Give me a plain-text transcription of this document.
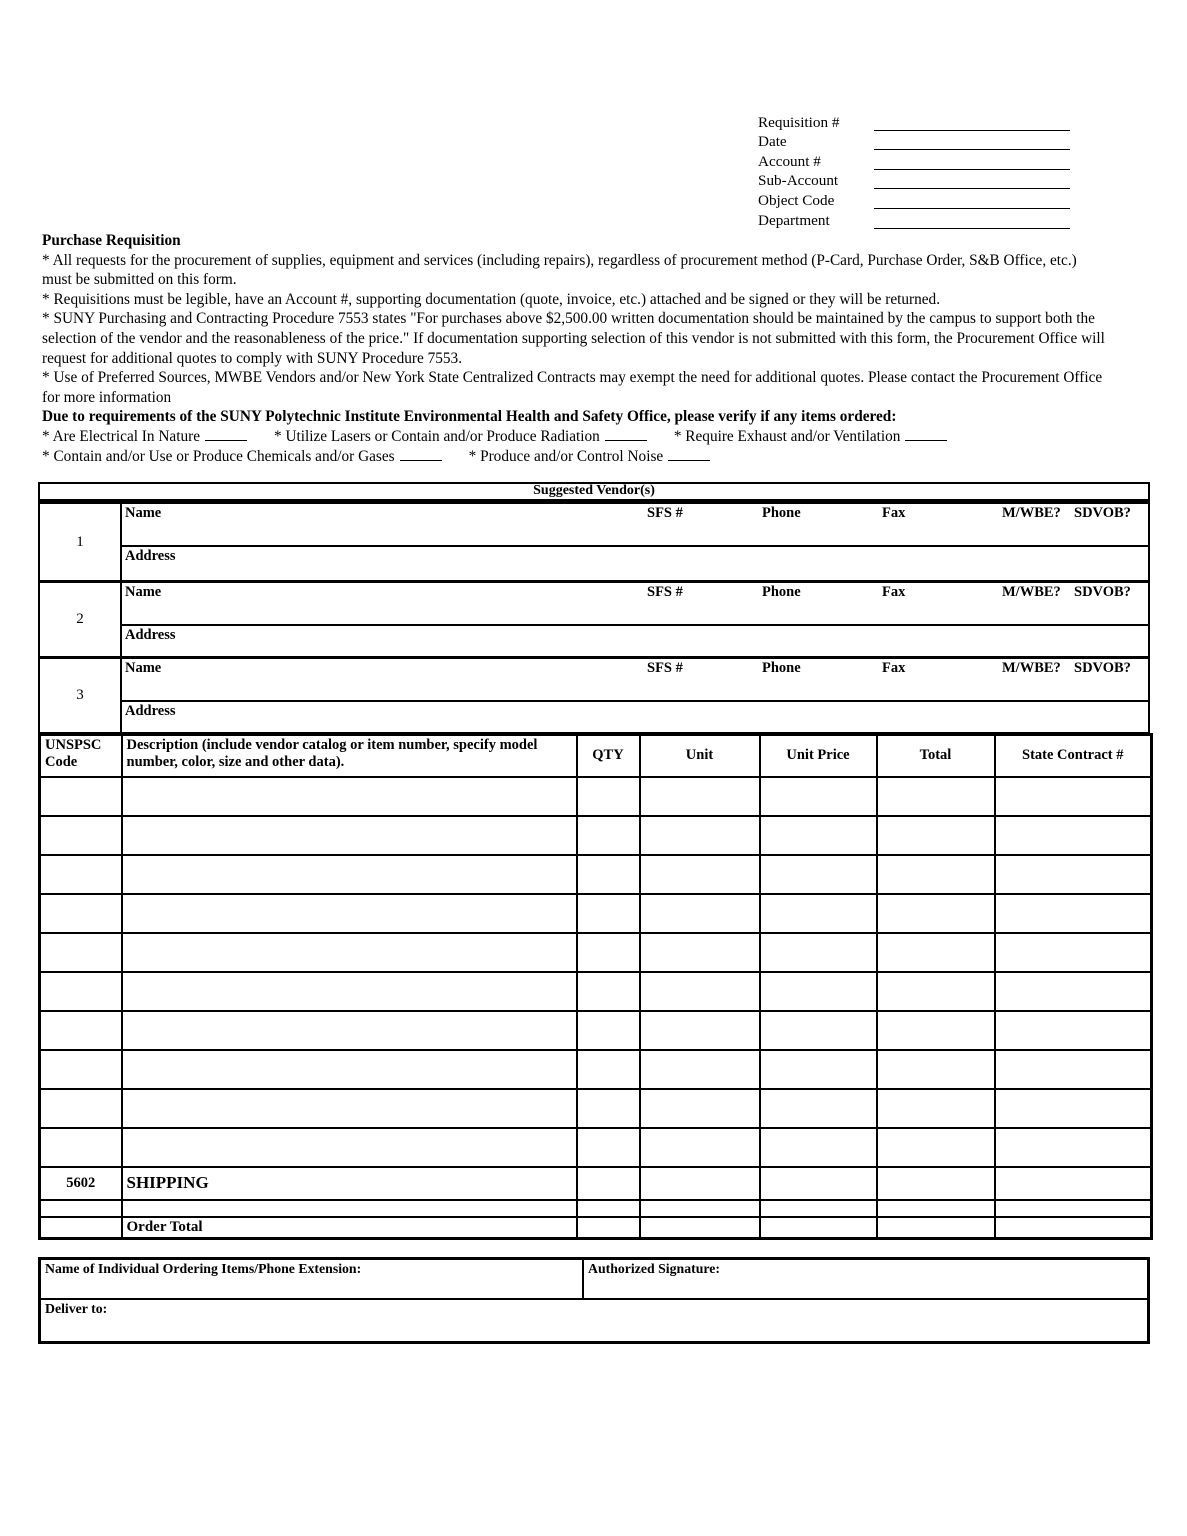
Requisition #
Date
Account #
Sub-Account
Object Code
Department
Purchase Requisition
* All requests for the procurement of supplies, equipment and services (including repairs), regardless of procurement method (P-Card, Purchase Order, S&B Office, etc.) must be submitted on this form.
* Requisitions must be legible, have an Account #, supporting documentation (quote, invoice, etc.) attached and be signed or they will be returned.
* SUNY Purchasing and Contracting Procedure 7553 states "For purchases above $2,500.00 written documentation should be maintained by the campus to support both the selection of the vendor and the reasonableness of the price." If documentation supporting selection of this vendor is not submitted with this form, the Procurement Office will request for additional quotes to comply with SUNY Procedure 7553.
* Use of Preferred Sources, MWBE Vendors and/or New York State Centralized Contracts may exempt the need for additional quotes. Please contact the Procurement Office for more information
Due to requirements of the SUNY Polytechnic Institute Environmental Health and Safety Office, please verify if any items ordered:
* Are Electrical In Nature	* Utilize Lasers or Contain and/or Produce Radiation	* Require Exhaust and/or Ventilation
* Contain and/or Use or Produce Chemicals and/or Gases	* Produce and/or Control Noise
Suggested Vendor(s)
1
Name	SFS #	Phone	Fax	M/WBE? SDVOB?
Address
2
Name	SFS #	Phone	Fax	M/WBE? SDVOB?
Address
3
Name	SFS #	Phone	Fax	M/WBE? SDVOB?
Address
UNSPSC Code	Description (include vendor catalog or item number, specify model number, color, size and other data).	QTY	Unit	Unit Price	Total	State Contract #

5602	SHIPPING					

	Order Total					
Name of Individual Ordering Items/Phone Extension:	Authorized Signature:
Deliver to:
